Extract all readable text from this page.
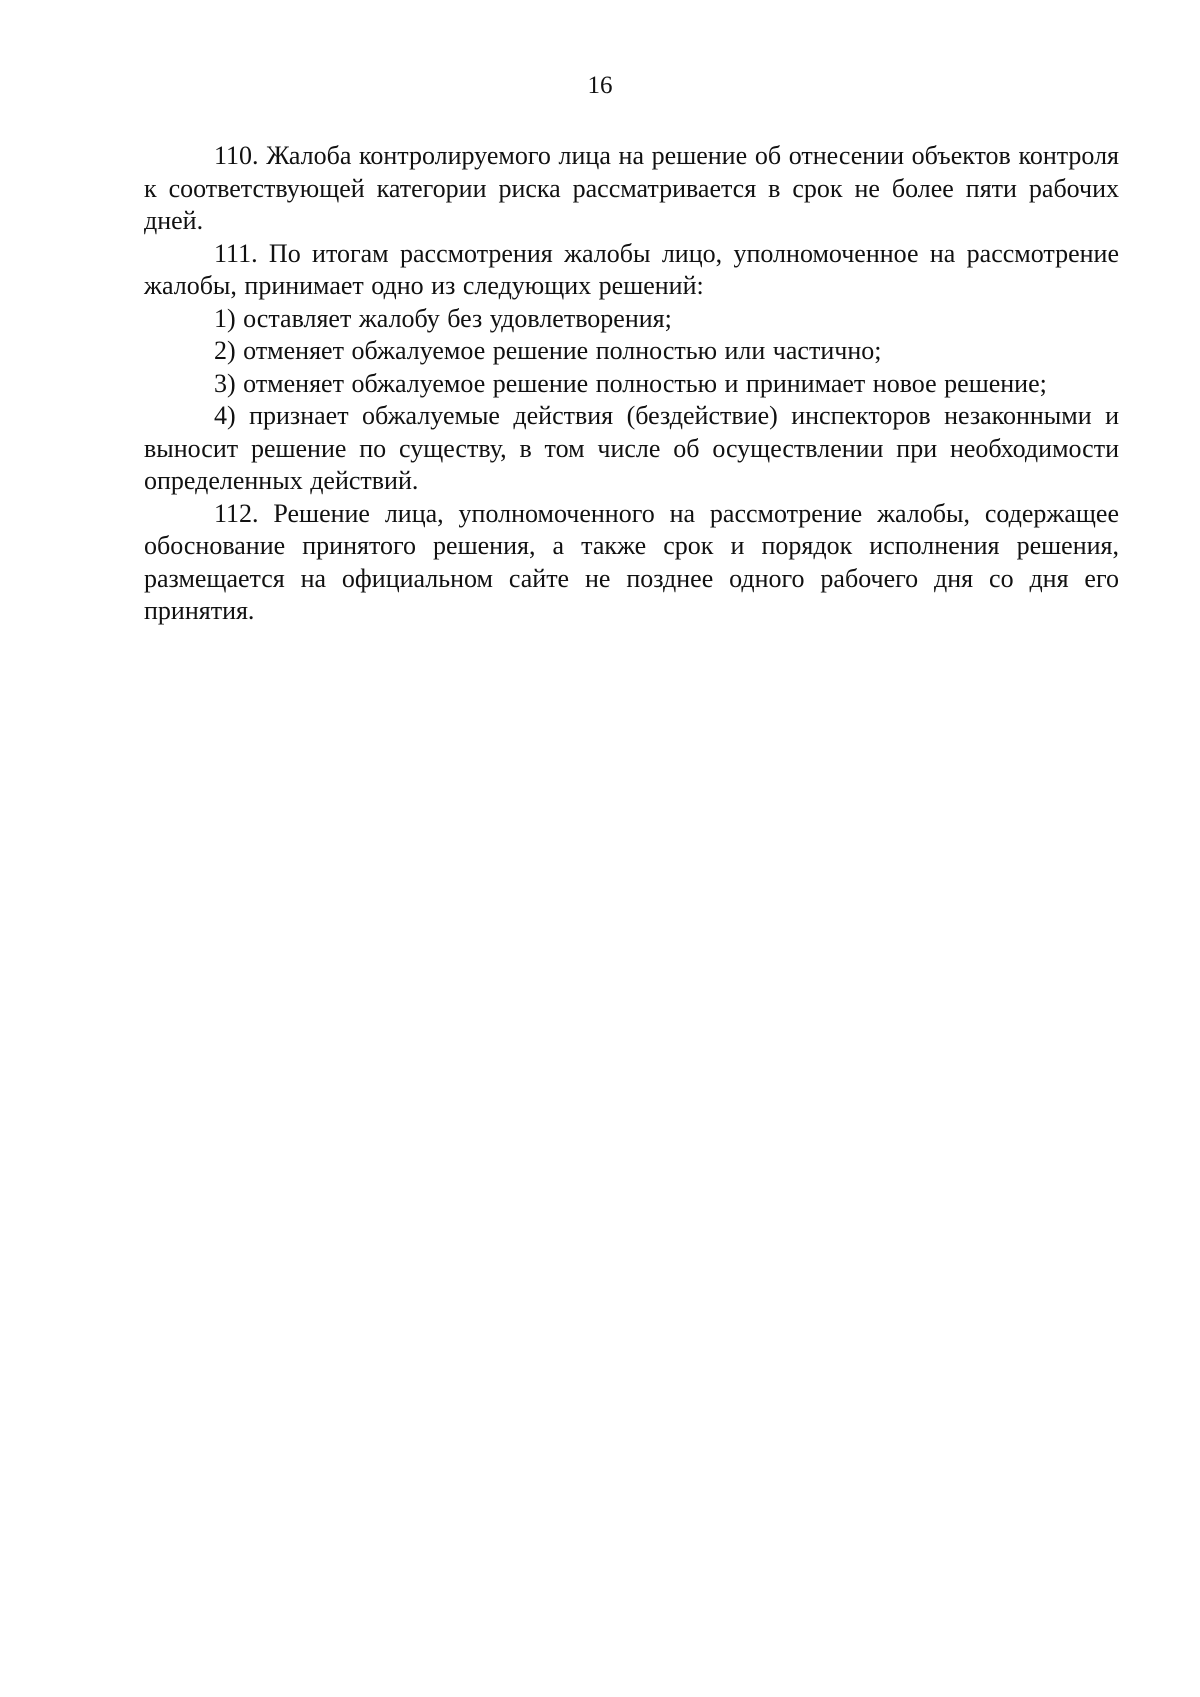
16

110. Жалоба контролируемого лица на решение об отнесении объектов контроля к соответствующей категории риска рассматривается в срок не более пяти рабочих дней.

111. По итогам рассмотрения жалобы лицо, уполномоченное на рассмотрение жалобы, принимает одно из следующих решений:

1) оставляет жалобу без удовлетворения;

2) отменяет обжалуемое решение полностью или частично;

3) отменяет обжалуемое решение полностью и принимает новое решение;

4) признает обжалуемые действия (бездействие) инспекторов незаконными и выносит решение по существу, в том числе об осуществлении при необходимости определенных действий.

112. Решение лица, уполномоченного на рассмотрение жалобы, содержащее обоснование принятого решения, а также срок и порядок исполнения решения, размещается на официальном сайте не позднее одного рабочего дня со дня его принятия.
